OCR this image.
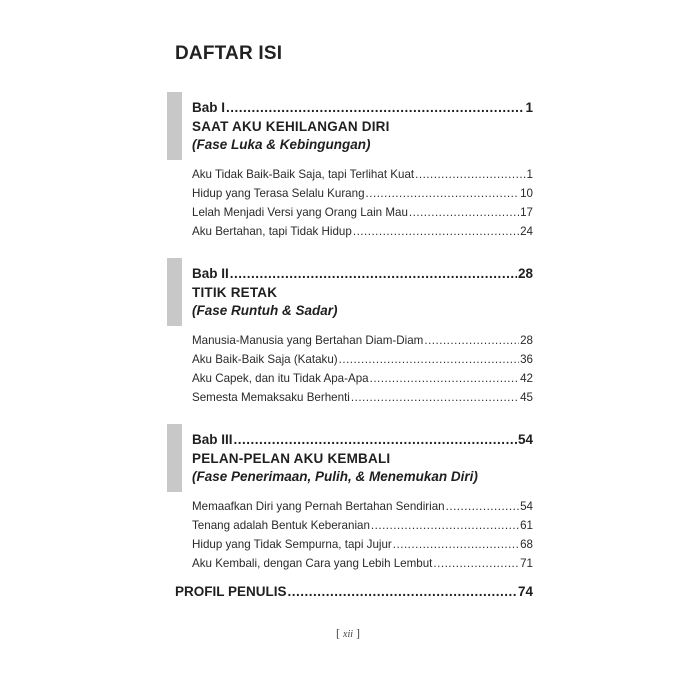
DAFTAR ISI
Bab I .....	1
SAAT AKU KEHILANGAN DIRI
(Fase Luka & Kebingungan)
Aku Tidak Baik-Baik Saja, tapi Terlihat Kuat .....	1
Hidup yang Terasa Selalu Kurang .....	10
Lelah Menjadi Versi yang Orang Lain Mau .....	17
Aku Bertahan, tapi Tidak Hidup .....	24
Bab II .....	28
TITIK RETAK
(Fase Runtuh & Sadar)
Manusia-Manusia yang Bertahan Diam-Diam .....	28
Aku Baik-Baik Saja (Kataku) .....	36
Aku Capek, dan itu Tidak Apa-Apa .....	42
Semesta Memaksaku Berhenti .....	45
Bab III .....	54
PELAN-PELAN AKU KEMBALI
(Fase Penerimaan, Pulih, & Menemukan Diri)
Memaafkan Diri yang Pernah Bertahan Sendirian .....	54
Tenang adalah Bentuk Keberanian .....	61
Hidup yang Tidak Sempurna, tapi Jujur .....	68
Aku Kembali, dengan Cara yang Lebih Lembut .....	71
PROFIL PENULIS .....	74
[ xii ]
